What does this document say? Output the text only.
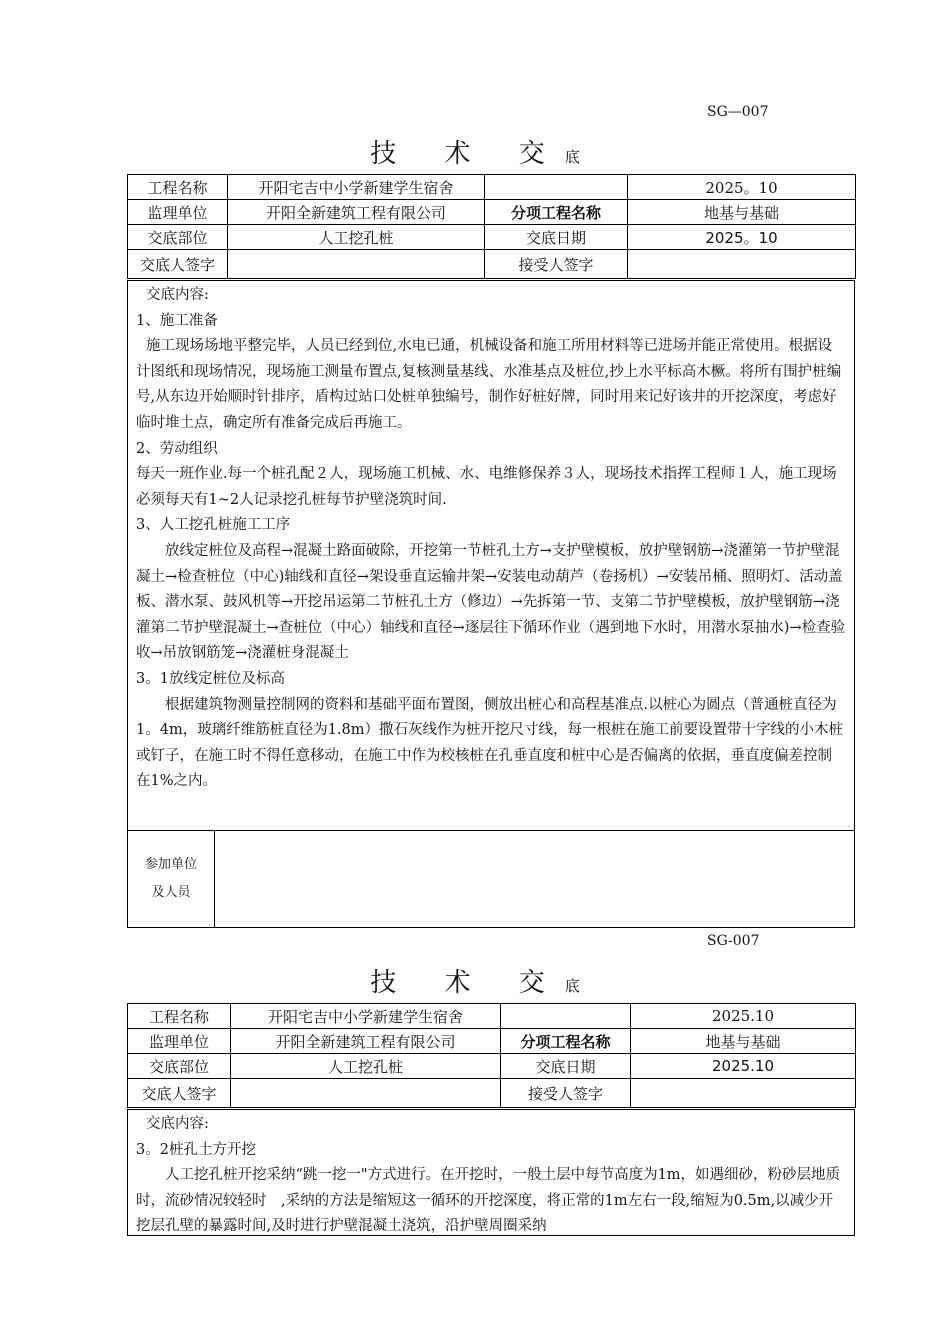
SG—007
技 术 交底
工程名称	开阳宅吉中小学新建学生宿舍		2025。10
监理单位	开阳全新建筑工程有限公司	分项工程名称	地基与基础
交底部位	人工挖孔桩	交底日期	2025。10
交底人签字		接受人签字	

交底内容:

1、施工准备

施工现场场地平整完毕，人员已经到位,水电已通，机械设备和施工所用材料等已进场并能正常使用。根据设计图纸和现场情况，现场施工测量布置点,复核测量基线、水准基点及桩位,抄上水平标高木橛。将所有围护桩编号,从东边开始顺时针排序，盾构过站口处桩单独编号，制作好桩好牌，同时用来记好该井的开挖深度，考虑好临时堆土点，确定所有准备完成后再施工。

2、劳动组织

每天一班作业.每一个桩孔配２人，现场施工机械、水、电维修保养３人，现场技术指挥工程师１人，施工现场必须每天有1~2人记录挖孔桩每节护壁浇筑时间.

3、人工挖孔桩施工工序

放线定桩位及高程→混凝土路面破除，开挖第一节桩孔土方→支护壁模板，放护壁钢筋→浇灌第一节护壁混凝土→检查桩位（中心)轴线和直径→架设垂直运输井架→安装电动葫芦（卷扬机）→安装吊桶、照明灯、活动盖板、潜水泵、鼓风机等→开挖吊运第二节桩孔土方（修边）→先拆第一节、支第二节护壁模板，放护壁钢筋→浇灌第二节护壁混凝土→查桩位（中心）轴线和直径→逐层往下循环作业（遇到地下水时，用潜水泵抽水)→检查验收→吊放钢筋笼→浇灌桩身混凝土

3。1放线定桩位及标高

根据建筑物测量控制网的资料和基础平面布置图，侧放出桩心和高程基准点.以桩心为圆点（普通桩直径为1。4m，玻璃纤维筋桩直径为1.8m）撒石灰线作为桩开挖尺寸线，每一根桩在施工前要设置带十字线的小木桩或钉子，在施工时不得任意移动，在施工中作为校核桩在孔垂直度和桩中心是否偏离的依据，垂直度偏差控制在1%之内。

参加单位
及人员
SG-007
技 术 交底
工程名称	开阳宅吉中小学新建学生宿舍		2025.10
监理单位	开阳全新建筑工程有限公司	分项工程名称	地基与基础
交底部位	人工挖孔桩	交底日期	2025.10
交底人签字		接受人签字	

交底内容:

3。2桩孔土方开挖

人工挖孔桩开挖采纳“跳一挖一"方式进行。在开挖时，一般土层中每节高度为1m，如遇细砂，粉砂层地质时，流砂情况较轻时　,采纳的方法是缩短这一循环的开挖深度，将正常的1m左右一段,缩短为0.5m,以减少开挖层孔壁的暴露时间,及时进行护壁混凝土浇筑，沿护壁周圈采纳
